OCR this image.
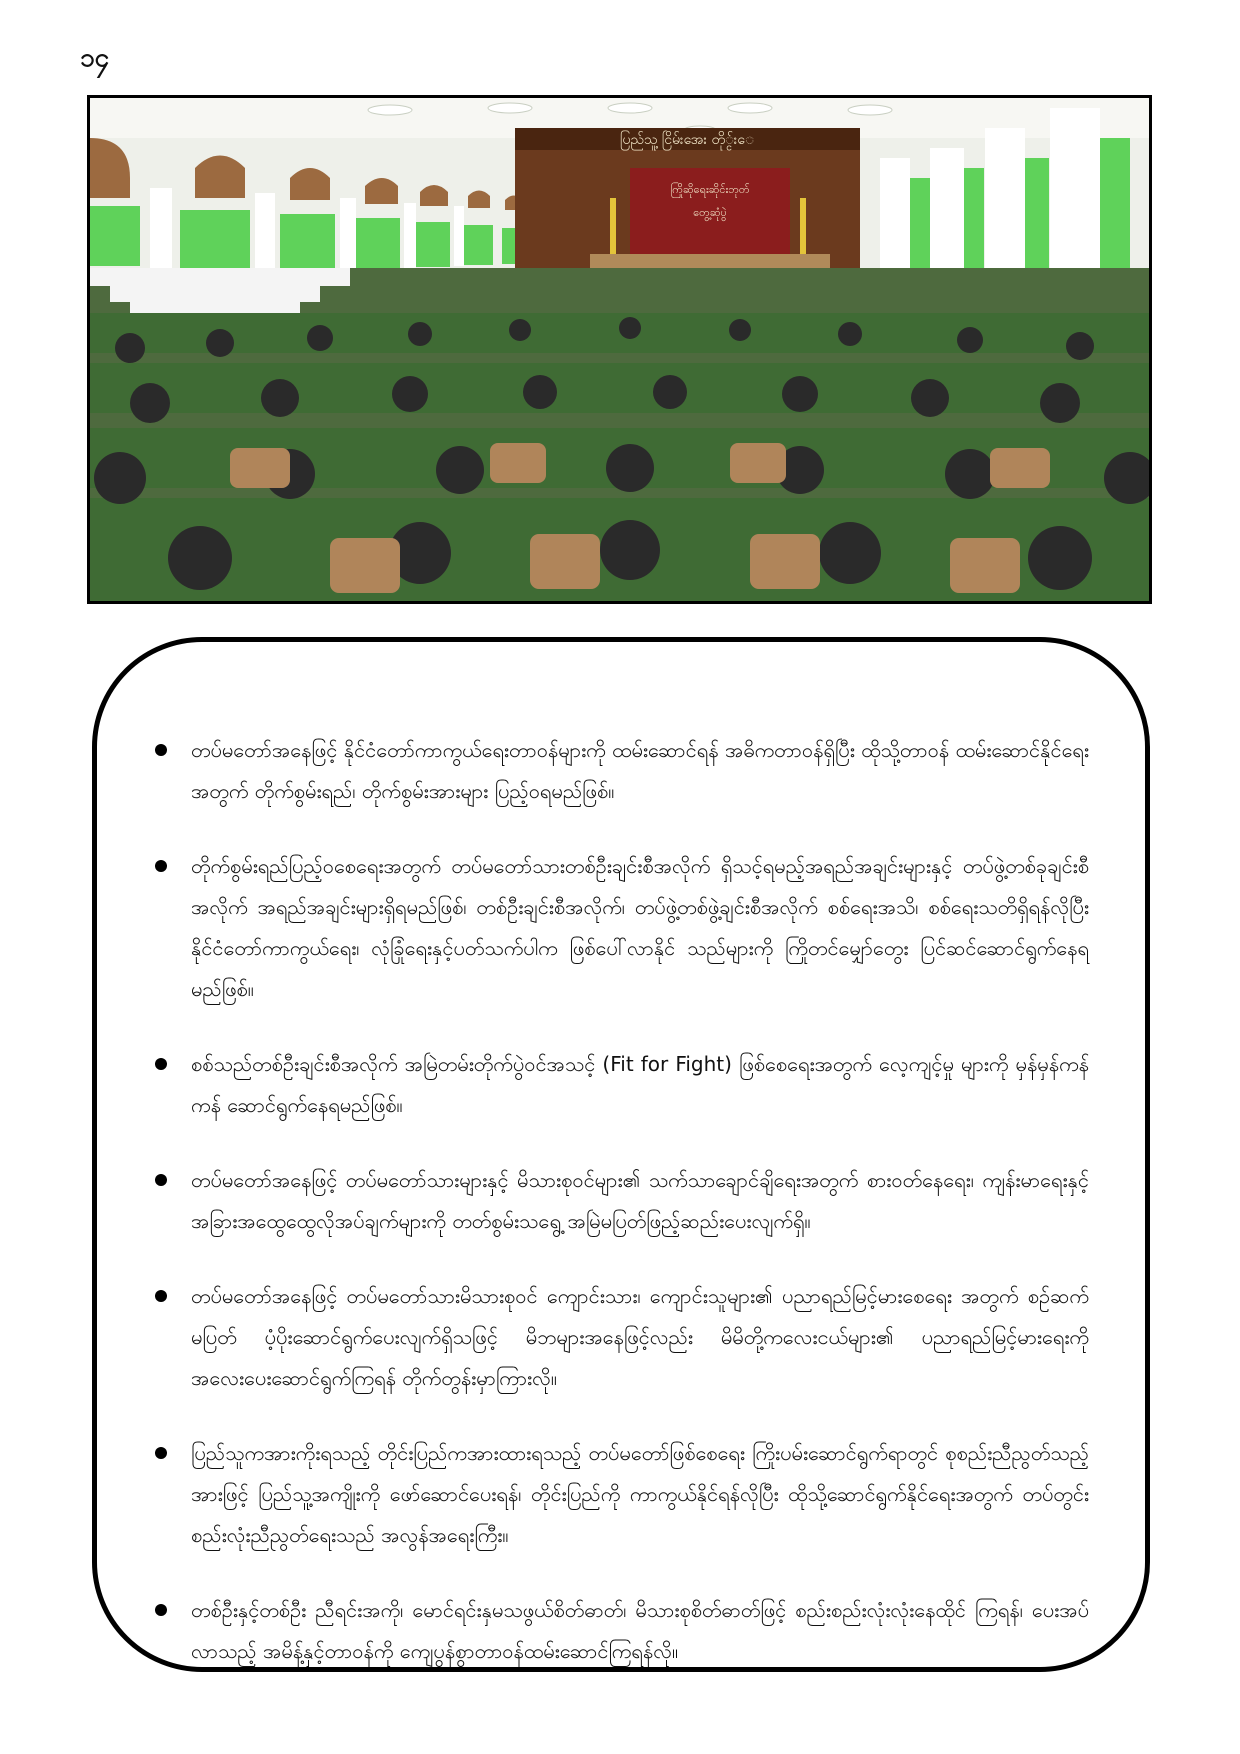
၁၄
ပြည်သူ့ ငြိမ်းအေး တို္င်းေ
ကြိုဆိုရေးဆိုင်းဘုတ်
တွေ့ဆုံပွဲ
တပ်မတော်အနေဖြင့် နိုင်ငံတော်ကာကွယ်ရေးတာဝန်များကို ထမ်းဆောင်ရန် အဓိကတာဝန်ရှိပြီး ထိုသို့တာဝန် ထမ်းဆောင်နိုင်ရေးအတွက် တိုက်စွမ်းရည်၊ တိုက်စွမ်းအားများ ပြည့်ဝရမည်ဖြစ်။
တိုက်စွမ်းရည်ပြည့်ဝစေရေးအတွက် တပ်မတော်သားတစ်ဦးချင်းစီအလိုက် ရှိသင့်ရမည့်အရည်အချင်းများနှင့် တပ်ဖွဲ့တစ်ခုချင်းစီအလိုက် အရည်အချင်းများရှိရမည်ဖြစ်၊ တစ်ဦးချင်းစီအလိုက်၊ တပ်ဖွဲ့တစ်ဖွဲ့ချင်းစီအလိုက် စစ်ရေးအသိ၊ စစ်ရေးသတိရှိရန်လိုပြီး နိုင်ငံတော်ကာကွယ်ရေး၊ လုံခြုံရေးနှင့်ပတ်သက်ပါက ဖြစ်ပေါ်လာနိုင် သည်များကို ကြိုတင်မျှော်တွေး ပြင်ဆင်ဆောင်ရွက်နေရမည်ဖြစ်။
စစ်သည်တစ်ဦးချင်းစီအလိုက် အမြဲတမ်းတိုက်ပွဲဝင်အသင့် (Fit for Fight) ဖြစ်စေရေးအတွက် လေ့ကျင့်မှု များကို မှန်မှန်ကန်ကန် ဆောင်ရွက်နေရမည်ဖြစ်။
တပ်မတော်အနေဖြင့် တပ်မတော်သားများနှင့် မိသားစုဝင်များ၏ သက်သာချောင်ချိရေးအတွက် စားဝတ်နေရေး၊ ကျန်းမာရေးနှင့် အခြားအထွေထွေလိုအပ်ချက်များကို တတ်စွမ်းသရွေ့ အမြဲမပြတ်ဖြည့်ဆည်းပေးလျက်ရှိ။
တပ်မတော်အနေဖြင့် တပ်မတော်သားမိသားစုဝင် ကျောင်းသား၊ ကျောင်းသူများ၏ ပညာရည်မြင့်မားစေရေး အတွက် စဉ်ဆက်မပြတ် ပံ့ပိုးဆောင်ရွက်ပေးလျက်ရှိသဖြင့် မိဘများအနေဖြင့်လည်း မိမိတို့ကလေးငယ်များ၏ ပညာရည်မြင့်မားရေးကို အလေးပေးဆောင်ရွက်ကြရန် တိုက်တွန်းမှာကြားလို။
ပြည်သူကအားကိုးရသည့် တိုင်းပြည်ကအားထားရသည့် တပ်မတော်ဖြစ်စေရေး ကြိုးပမ်းဆောင်ရွက်ရာတွင် စုစည်းညီညွတ်သည့်အားဖြင့် ပြည်သူ့အကျိုးကို ဖော်ဆောင်ပေးရန်၊ တိုင်းပြည်ကို ကာကွယ်နိုင်ရန်လိုပြီး ထိုသို့ဆောင်ရွက်နိုင်ရေးအတွက် တပ်တွင်းစည်းလုံးညီညွတ်ရေးသည် အလွန်အရေးကြီး။
တစ်ဦးနှင့်တစ်ဦး ညီရင်းအကို၊ မောင်ရင်းနှမသဖွယ်စိတ်ဓာတ်၊ မိသားစုစိတ်ဓာတ်ဖြင့် စည်းစည်းလုံးလုံးနေထိုင် ကြရန်၊ ပေးအပ်လာသည့် အမိန့်နှင့်တာဝန်ကို ကျေပွန်စွာတာဝန်ထမ်းဆောင်ကြရန်လို။
